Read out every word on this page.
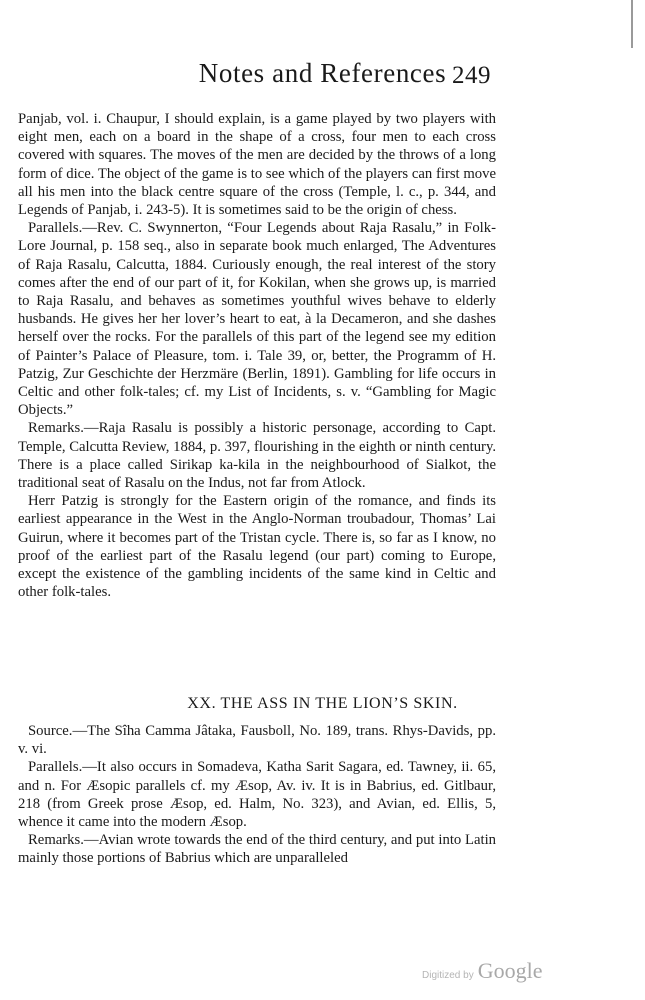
Notes and References 249

Panjab, vol. i. Chaupur, I should explain, is a game played by two players with eight men, each on a board in the shape of a cross, four men to each cross covered with squares. The moves of the men are decided by the throws of a long form of dice. The object of the game is to see which of the players can first move all his men into the black centre square of the cross (Temple, l. c., p. 344, and Legends of Panjab, i. 243-5). It is sometimes said to be the origin of chess.

Parallels.—Rev. C. Swynnerton, “Four Legends about Raja Rasalu,” in Folk-Lore Journal, p. 158 seq., also in separate book much enlarged, The Adventures of Raja Rasalu, Calcutta, 1884. Curiously enough, the real interest of the story comes after the end of our part of it, for Kokilan, when she grows up, is married to Raja Rasalu, and behaves as sometimes youthful wives behave to elderly husbands. He gives her her lover’s heart to eat, à la Decameron, and she dashes herself over the rocks. For the parallels of this part of the legend see my edition of Painter’s Palace of Pleasure, tom. i. Tale 39, or, better, the Programm of H. Patzig, Zur Geschichte der Herzmäre (Berlin, 1891). Gambling for life occurs in Celtic and other folk-tales; cf. my List of Incidents, s. v. “Gambling for Magic Objects.”

Remarks.—Raja Rasalu is possibly a historic personage, according to Capt. Temple, Calcutta Review, 1884, p. 397, flourishing in the eighth or ninth century. There is a place called Sirikap ka-kila in the neighbourhood of Sialkot, the traditional seat of Rasalu on the Indus, not far from Atlock.

Herr Patzig is strongly for the Eastern origin of the romance, and finds its earliest appearance in the West in the Anglo-Norman troubadour, Thomas’ Lai Guirun, where it becomes part of the Tristan cycle. There is, so far as I know, no proof of the earliest part of the Rasalu legend (our part) coming to Europe, except the existence of the gambling incidents of the same kind in Celtic and other folk-tales.

XX. THE ASS IN THE LION’S SKIN.

Source.—The Sîha Camma Jâtaka, Fausboll, No. 189, trans. Rhys-Davids, pp. v. vi.

Parallels.—It also occurs in Somadeva, Katha Sarit Sagara, ed. Tawney, ii. 65, and n. For Æsopic parallels cf. my Æsop, Av. iv. It is in Babrius, ed. Gitlbaur, 218 (from Greek prose Æsop, ed. Halm, No. 323), and Avian, ed. Ellis, 5, whence it came into the modern Æsop.

Remarks.—Avian wrote towards the end of the third century, and put into Latin mainly those portions of Babrius which are unparalleled

Digitized by Google
